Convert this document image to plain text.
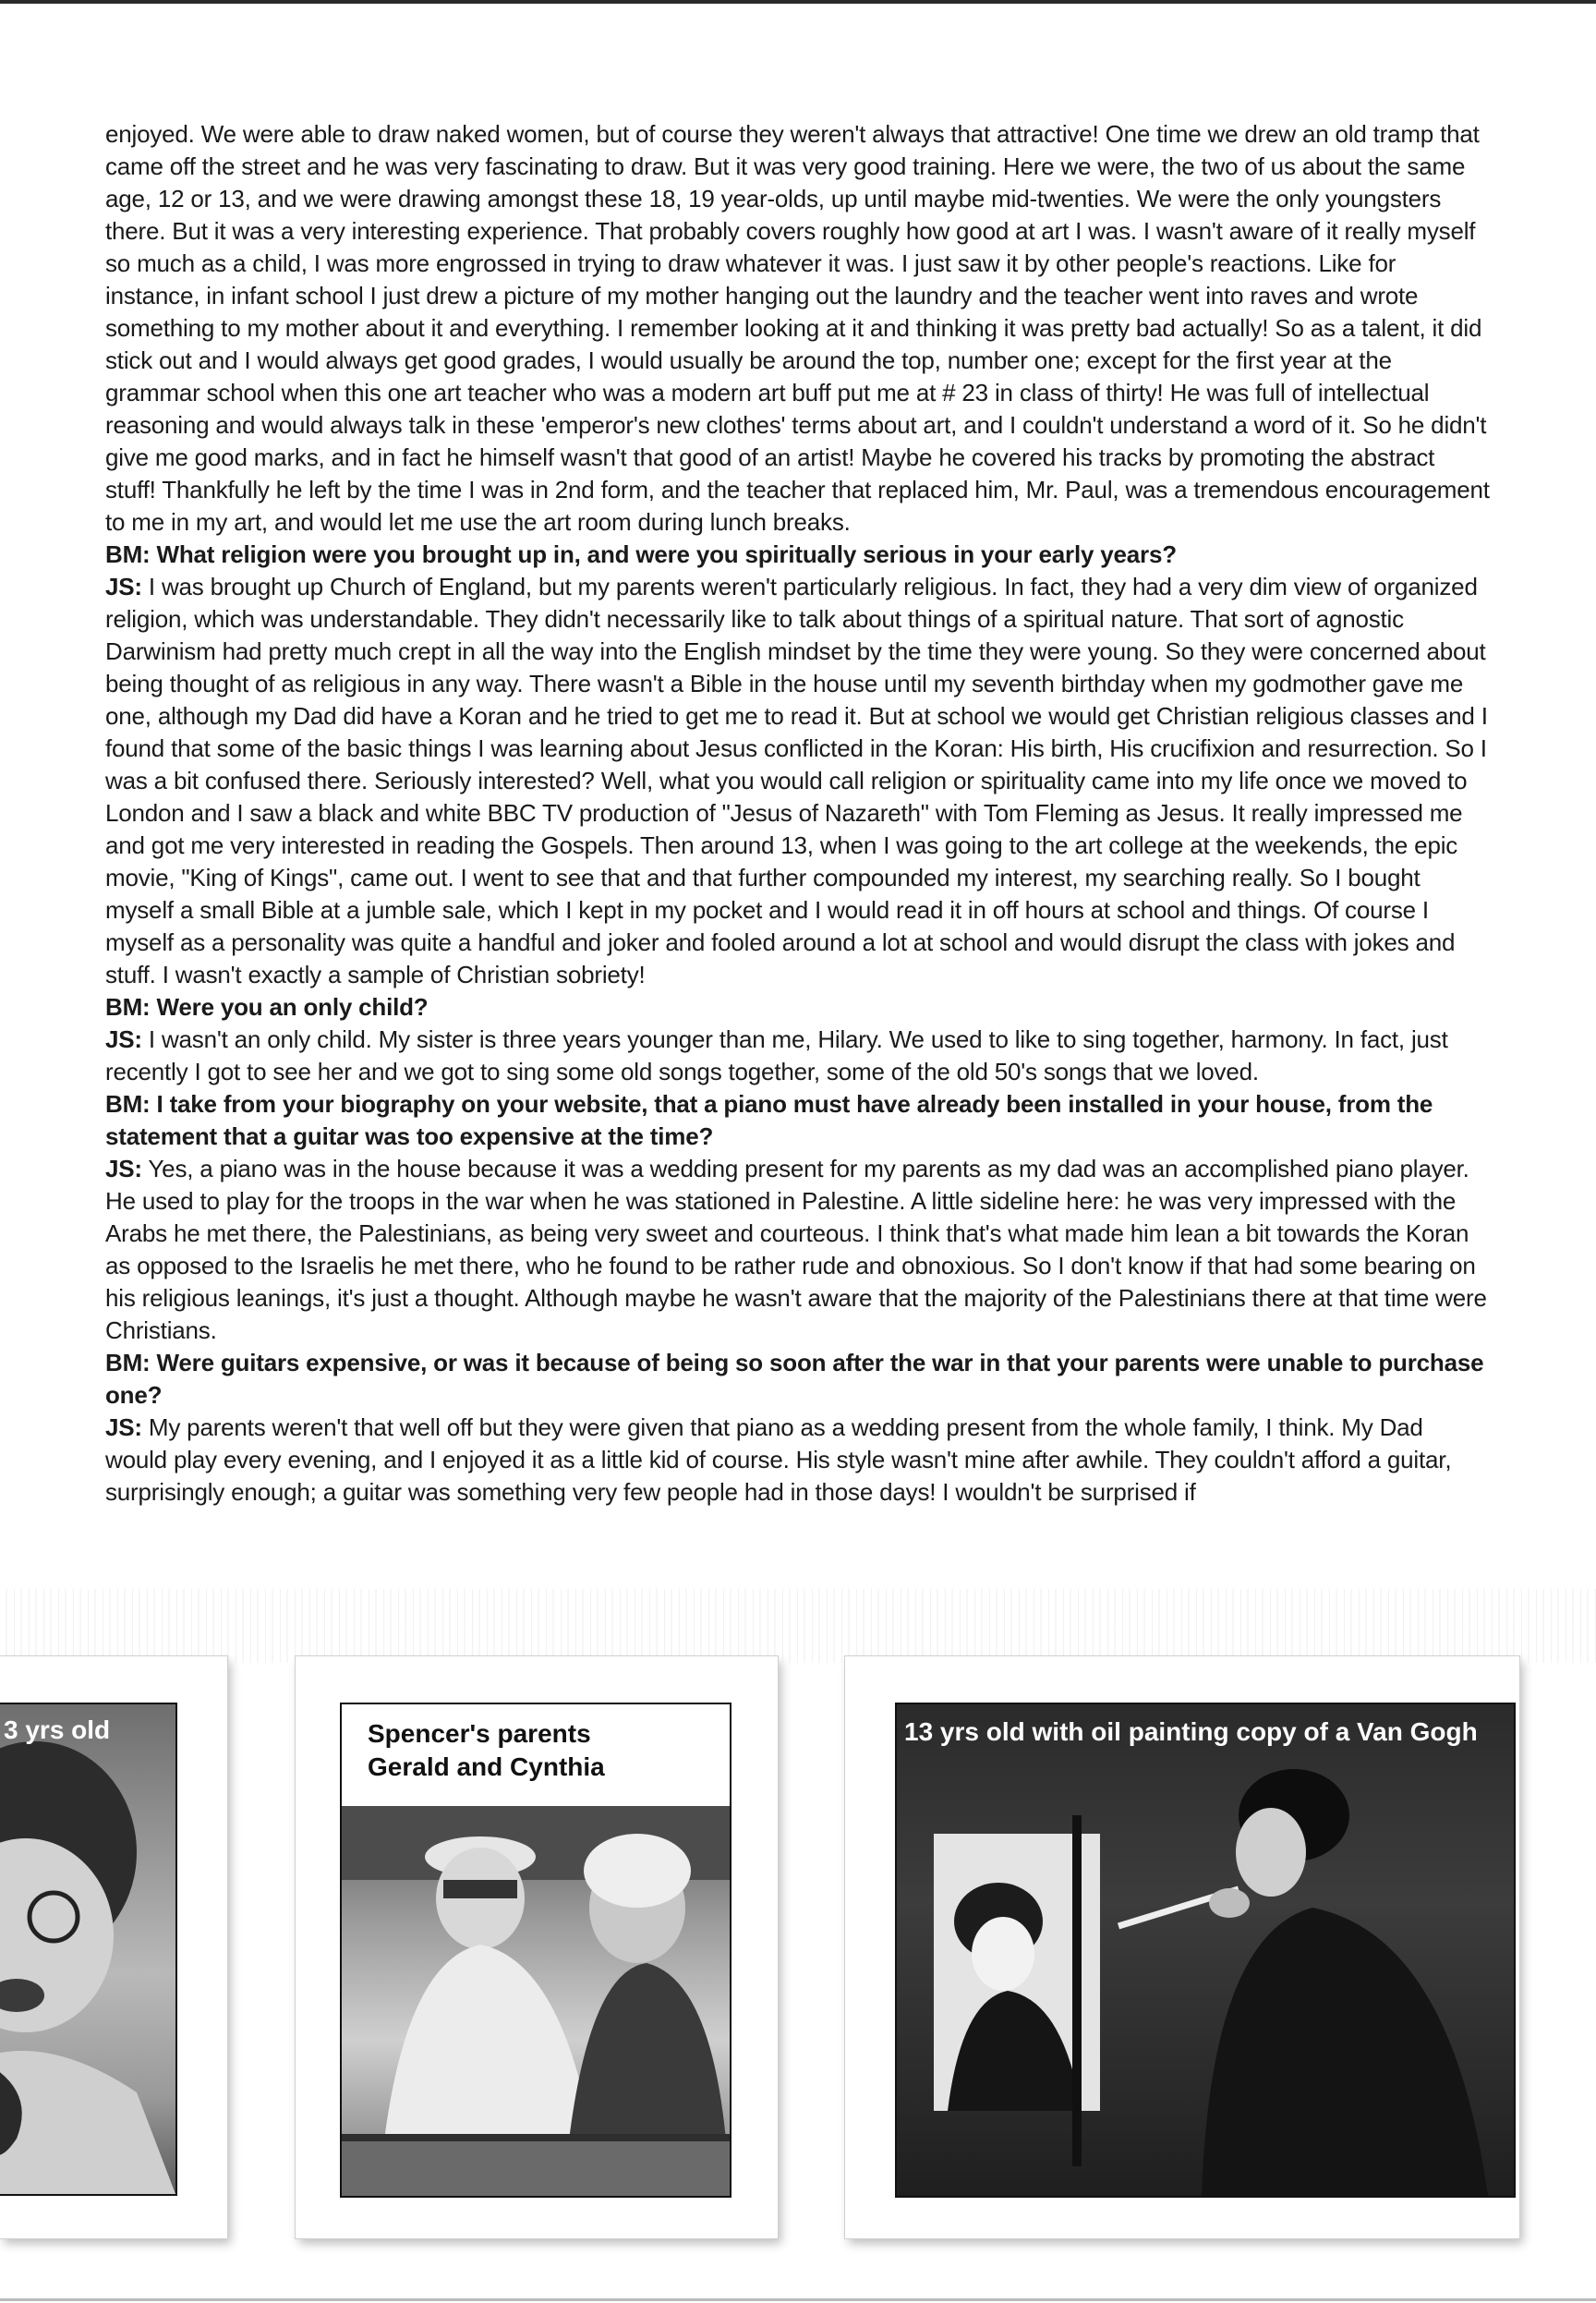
enjoyed. We were able to draw naked women, but of course they weren't always that attractive! One time we drew an old tramp that came off the street and he was very fascinating to draw. But it was very good training. Here we were, the two of us about the same age, 12 or 13, and we were drawing amongst these 18, 19 year-olds, up until maybe mid-twenties. We were the only youngsters there. But it was a very interesting experience. That probably covers roughly how good at art I was. I wasn't aware of it really myself so much as a child, I was more engrossed in trying to draw whatever it was. I just saw it by other people's reactions. Like for instance, in infant school I just drew a picture of my mother hanging out the laundry and the teacher went into raves and wrote something to my mother about it and everything. I remember looking at it and thinking it was pretty bad actually! So as a talent, it did stick out and I would always get good grades, I would usually be around the top, number one; except for the first year at the grammar school when this one art teacher who was a modern art buff put me at # 23 in class of thirty! He was full of intellectual reasoning and would always talk in these 'emperor's new clothes' terms about art, and I couldn't understand a word of it. So he didn't give me good marks, and in fact he himself wasn't that good of an artist! Maybe he covered his tracks by promoting the abstract stuff! Thankfully he left by the time I was in 2nd form, and the teacher that replaced him, Mr. Paul, was a tremendous encouragement to me in my art, and would let me use the art room during lunch breaks.

BM: What religion were you brought up in, and were you spiritually serious in your early years?

JS: I was brought up Church of England, but my parents weren't particularly religious. In fact, they had a very dim view of organized religion, which was understandable. They didn't necessarily like to talk about things of a spiritual nature. That sort of agnostic Darwinism had pretty much crept in all the way into the English mindset by the time they were young. So they were concerned about being thought of as religious in any way. There wasn't a Bible in the house until my seventh birthday when my godmother gave me one, although my Dad did have a Koran and he tried to get me to read it. But at school we would get Christian religious classes and I found that some of the basic things I was learning about Jesus conflicted in the Koran: His birth, His crucifixion and resurrection. So I was a bit confused there. Seriously interested? Well, what you would call religion or spirituality came into my life once we moved to London and I saw a black and white BBC TV production of "Jesus of Nazareth" with Tom Fleming as Jesus. It really impressed me and got me very interested in reading the Gospels. Then around 13, when I was going to the art college at the weekends, the epic movie, "King of Kings", came out. I went to see that and that further compounded my interest, my searching really. So I bought myself a small Bible at a jumble sale, which I kept in my pocket and I would read it in off hours at school and things. Of course I myself as a personality was quite a handful and joker and fooled around a lot at school and would disrupt the class with jokes and stuff. I wasn't exactly a sample of Christian sobriety!

BM: Were you an only child?

JS: I wasn't an only child. My sister is three years younger than me, Hilary. We used to like to sing together, harmony. In fact, just recently I got to see her and we got to sing some old songs together, some of the old 50's songs that we loved.

BM: I take from your biography on your website, that a piano must have already been installed in your house, from the statement that a guitar was too expensive at the time?

JS: Yes, a piano was in the house because it was a wedding present for my parents as my dad was an accomplished piano player. He used to play for the troops in the war when he was stationed in Palestine. A little sideline here: he was very impressed with the Arabs he met there, the Palestinians, as being very sweet and courteous. I think that's what made him lean a bit towards the Koran as opposed to the Israelis he met there, who he found to be rather rude and obnoxious. So I don't know if that had some bearing on his religious leanings, it's just a thought. Although maybe he wasn't aware that the majority of the Palestinians there at that time were Christians.

BM: Were guitars expensive, or was it because of being so soon after the war in that your parents were unable to purchase one?

JS: My parents weren't that well off but they were given that piano as a wedding present from the whole family, I think. My Dad would play every evening, and I enjoyed it as a little kid of course. His style wasn't mine after awhile. They couldn't afford a guitar, surprisingly enough; a guitar was something very few people had in those days! I wouldn't be surprised if

3 yrs old	Spencer's parents
Gerald and Cynthia
13 yrs old with oil painting copy of a Van Gogh
